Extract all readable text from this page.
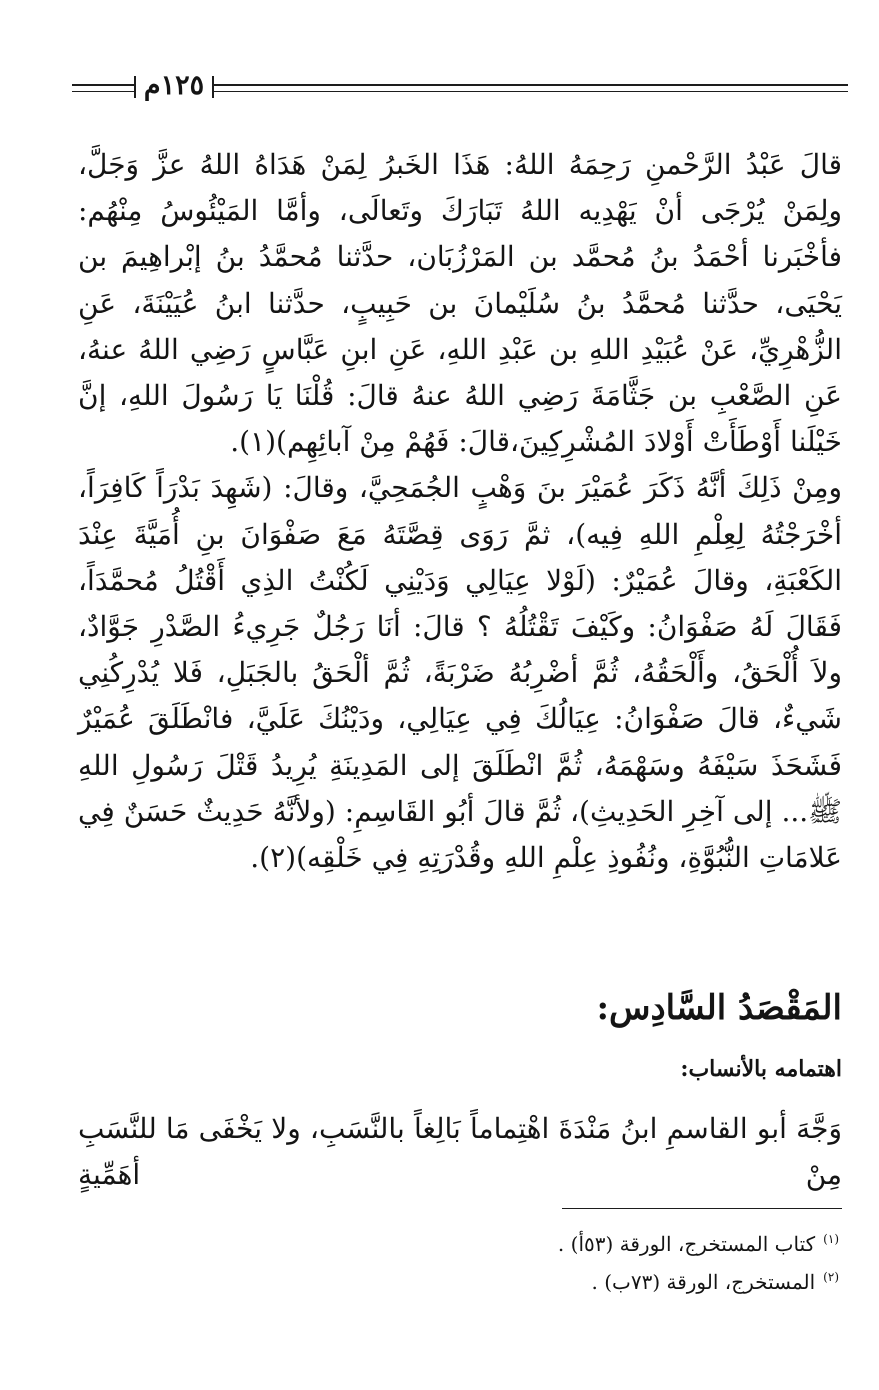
١٢٥م

قالَ عَبْدُ الرَّحْمنِ رَحِمَهُ اللهُ: هَذَا الخَبرُ لِمَنْ هَدَاهُ اللهُ عزَّ وَجَلَّ، ولِمَنْ يُرْجَى أنْ يَهْدِيه اللهُ تَبَارَكَ وتَعالَى، وأمَّا المَيْئُوسُ مِنْهُم: فأخْبَرنا أحْمَدُ بنُ مُحمَّد بن المَرْزُبَان، حدَّثنا مُحمَّدُ بنُ إبْراهِيمَ بن يَحْيَى، حدَّثنا مُحمَّدُ بنُ سُلَيْمانَ بن حَبِيبٍ، حدَّثنا ابنُ عُيَيْنَةَ، عَنِ الزُّهْرِيِّ، عَنْ عُبَيْدِ اللهِ بن عَبْدِ اللهِ، عَنِ ابنِ عَبَّاسٍ رَضِي اللهُ عنهُ، عَنِ الصَّعْبِ بن جَثَّامَةَ رَضِي اللهُ عنهُ قالَ: قُلْنَا يَا رَسُولَ اللهِ، إنَّ خَيْلَنا أَوْطَأَتْ أَوْلادَ المُشْرِكِينَ،قالَ: فَهُمْ مِنْ آبائِهِم)(١).

ومِنْ ذَلِكَ أنَّهُ ذَكَرَ عُمَيْرَ بنَ وَهْبٍ الجُمَحِيَّ، وقالَ: (شَهِدَ بَدْرَاً كَافِرَاً، أخْرَجْتُهُ لِعِلْمِ اللهِ فِيه)، ثمَّ رَوَى قِصَّتَهُ مَعَ صَفْوَانَ بنِ أُمَيَّةَ عِنْدَ الكَعْبَةِ، وقالَ عُمَيْرٌ: (لَوْلا عِيَالِي وَدَيْنِي لَكُنْتُ الذِي أَقْتُلُ مُحمَّدَاً، فَقَالَ لَهُ صَفْوَانُ: وكَيْفَ تَقْتُلُهُ ؟ قالَ: أنَا رَجُلٌ جَرِيءُ الصَّدْرِ جَوَّادٌ، ولاَ أُلْحَقُ، وأَلْحَقُهُ، ثُمَّ أضْرِبُهُ ضَرْبَةً، ثُمَّ ألْحَقُ بالجَبَلِ، فَلا يُدْرِكُنِي شَيءٌ، قالَ صَفْوَانُ: عِيَالُكَ فِي عِيَالِي، ودَيْنُكَ عَلَيَّ، فانْطَلَقَ عُمَيْرٌ فَشَحَذَ سَيْفَهُ وسَهْمَهُ، ثُمَّ انْطَلَقَ إلى المَدِينَةِ يُرِيدُ قَتْلَ رَسُولِ اللهِ ﷺ... إلى آخِرِ الحَدِيثِ)، ثُمَّ قالَ أبُو القَاسِمِ: (ولأنَّهُ حَدِيثٌ حَسَنٌ فِي عَلامَاتِ النُّبُوَّةِ، ونُفُوذِ عِلْمِ اللهِ وقُدْرَتِهِ فِي خَلْقِه)(٢).

المَقْصَدُ السَّادِس:
اهتمامه بالأنساب:

وَجَّهَ أبو القاسمِ ابنُ مَنْدَةَ اهْتِماماً بَالِغاً بالنَّسَبِ، ولا يَخْفَى مَا للنَّسَبِ مِنْ أهَمِّيةٍ

$^{(١)}$كتاب المستخرج، الورقة (٥٣أ) .
$^{(٢)}$المستخرج، الورقة (٧٣ب) .
